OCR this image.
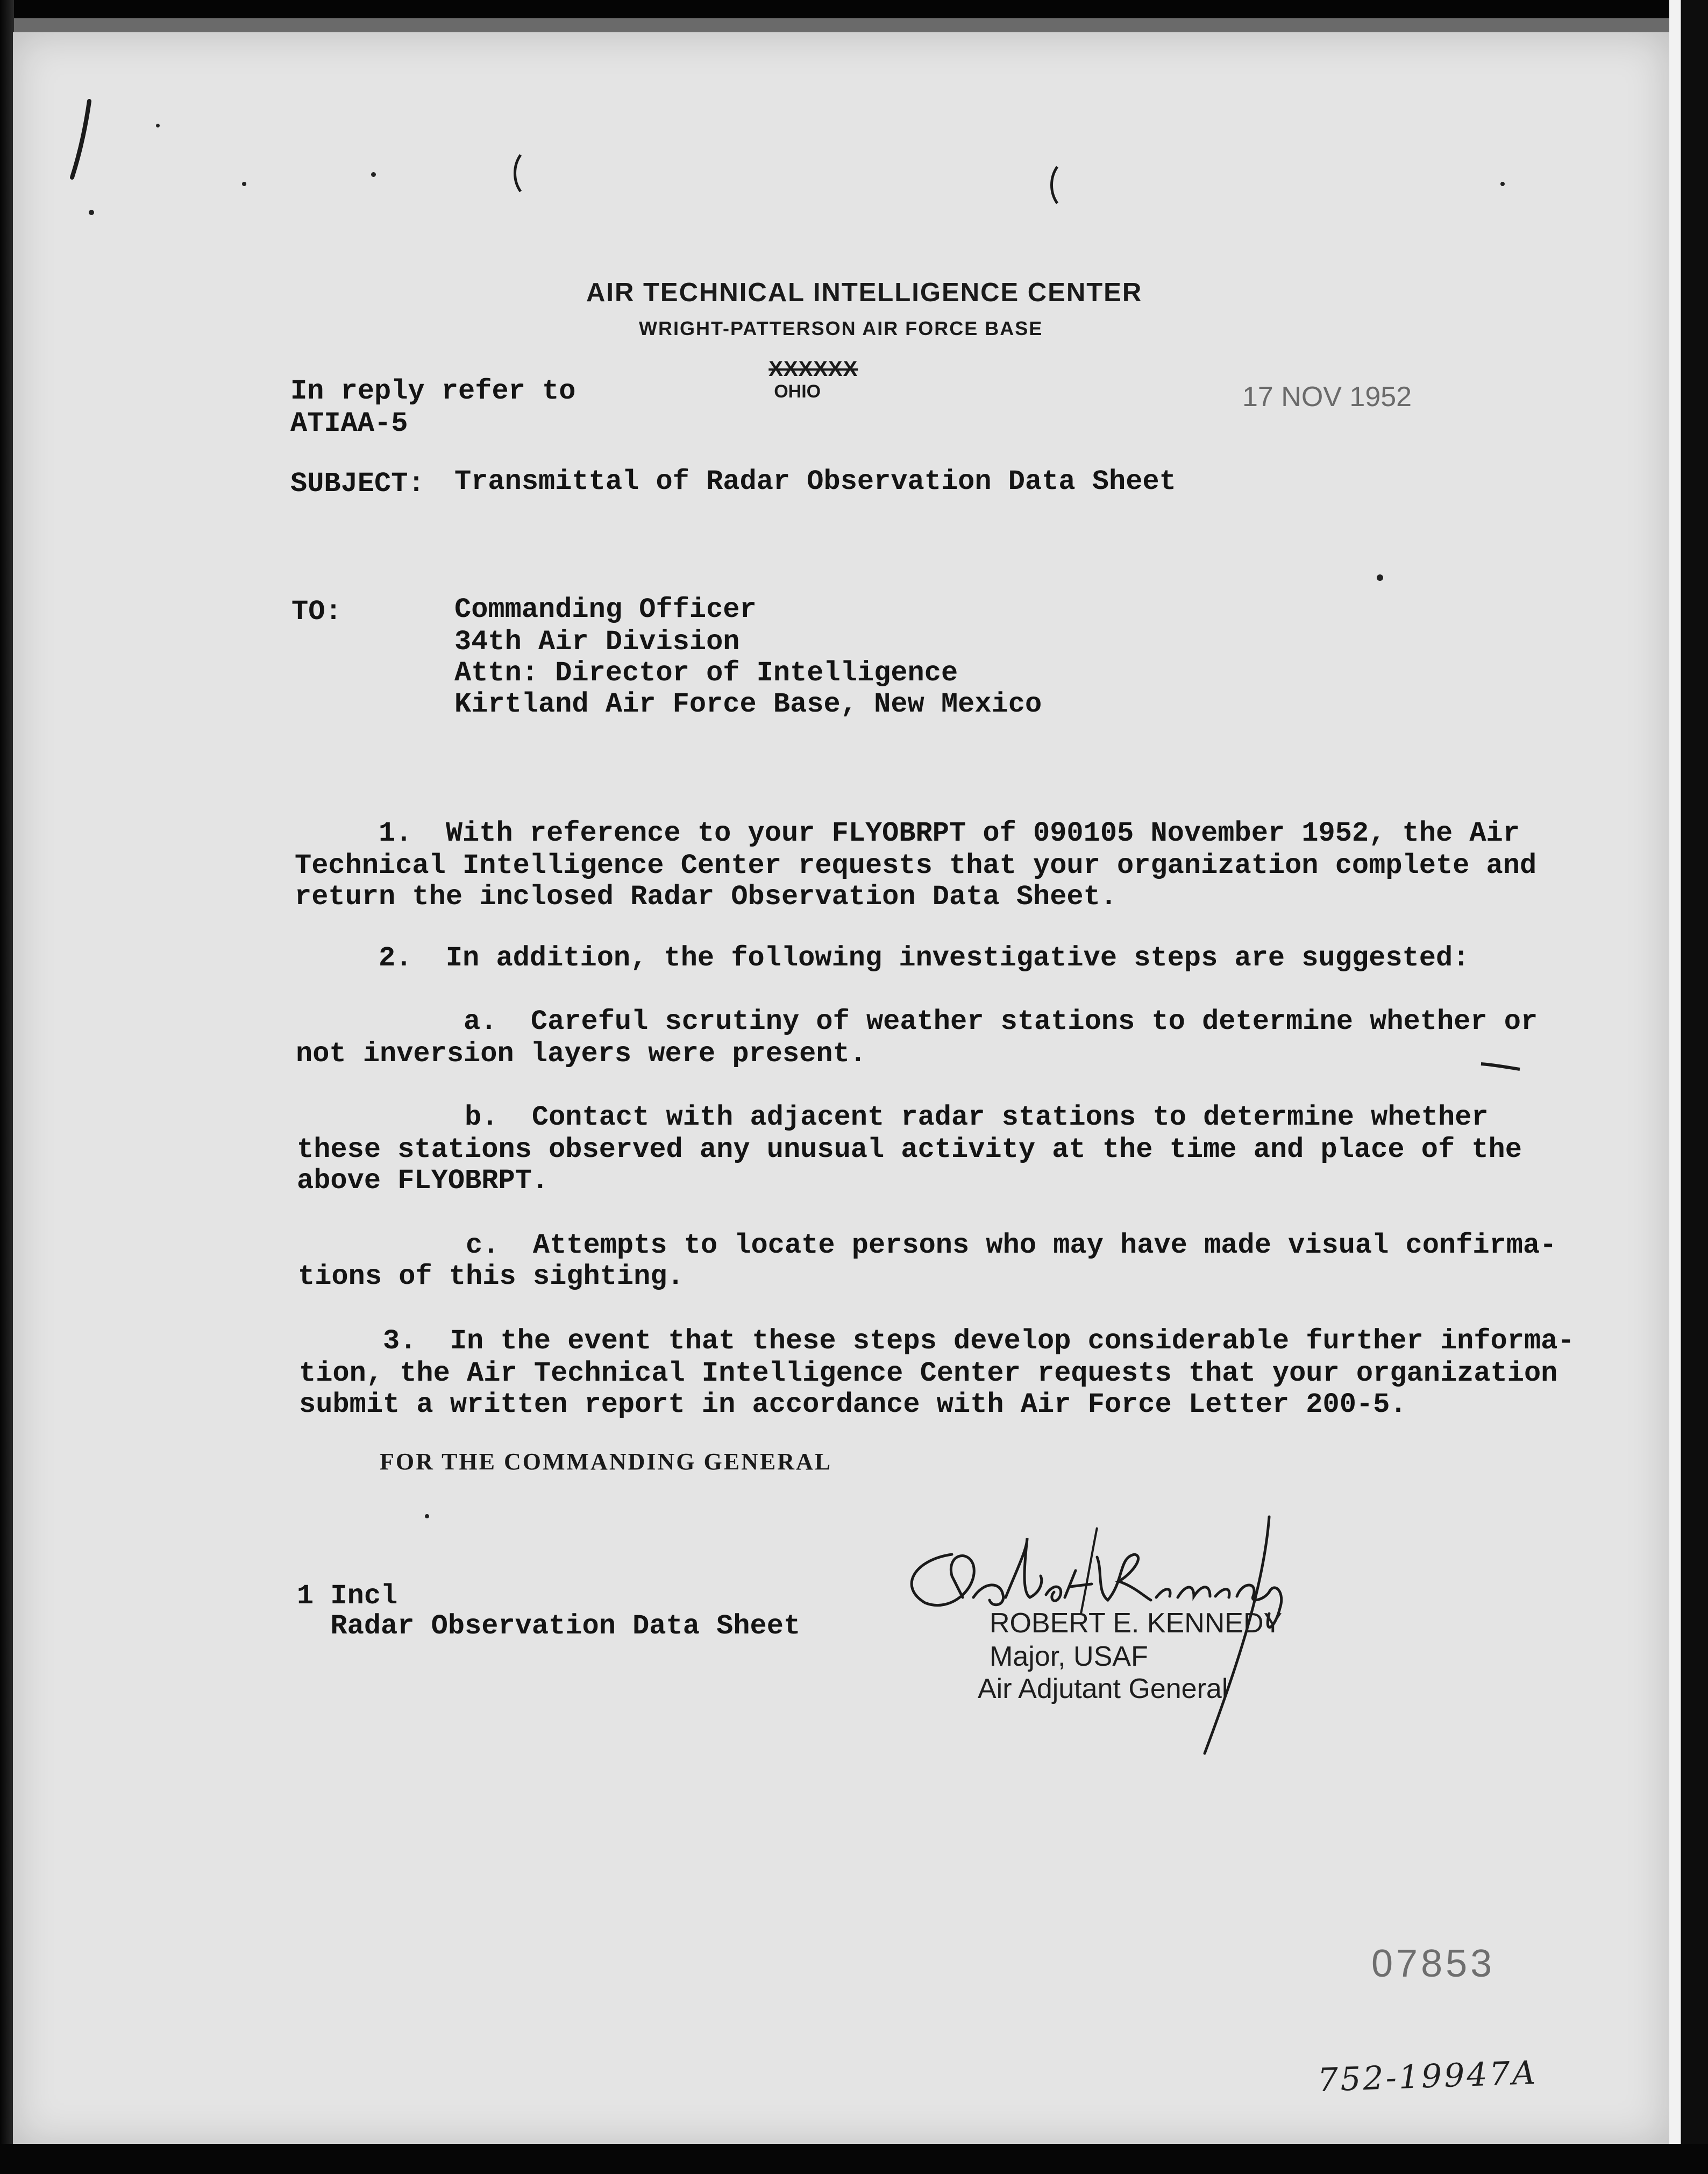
AIR TECHNICAL INTELLIGENCE CENTER
WRIGHT-PATTERSON AIR FORCE BASE

XXXXXX
OHIO

In reply refer to
ATIAA-5
17 NOV 1952
SUBJECT: Transmittal of Radar Observation Data Sheet
TO:	Commanding Officer
34th Air Division
Attn: Director of Intelligence
Kirtland Air Force Base, New Mexico
1.  With reference to your FLYOBRPT of 090105 November 1952, the Air
Technical Intelligence Center requests that your organization complete and
return the inclosed Radar Observation Data Sheet.
2.  In addition, the following investigative steps are suggested:
a.  Careful scrutiny of weather stations to determine whether or
not inversion layers were present.
b.  Contact with adjacent radar stations to determine whether
these stations observed any unusual activity at the time and place of the
above FLYOBRPT.
c.  Attempts to locate persons who may have made visual confirma-
tions of this sighting.
3.  In the event that these steps develop considerable further informa-
tion, the Air Technical Intelligence Center requests that your organization
submit a written report in accordance with Air Force Letter 200-5.
FOR THE COMMANDING GENERAL
1 Incl
Radar Observation Data Sheet	ROBERT E. KENNEDY
Major, USAF
Air Adjutant General
07853
752-19947A
